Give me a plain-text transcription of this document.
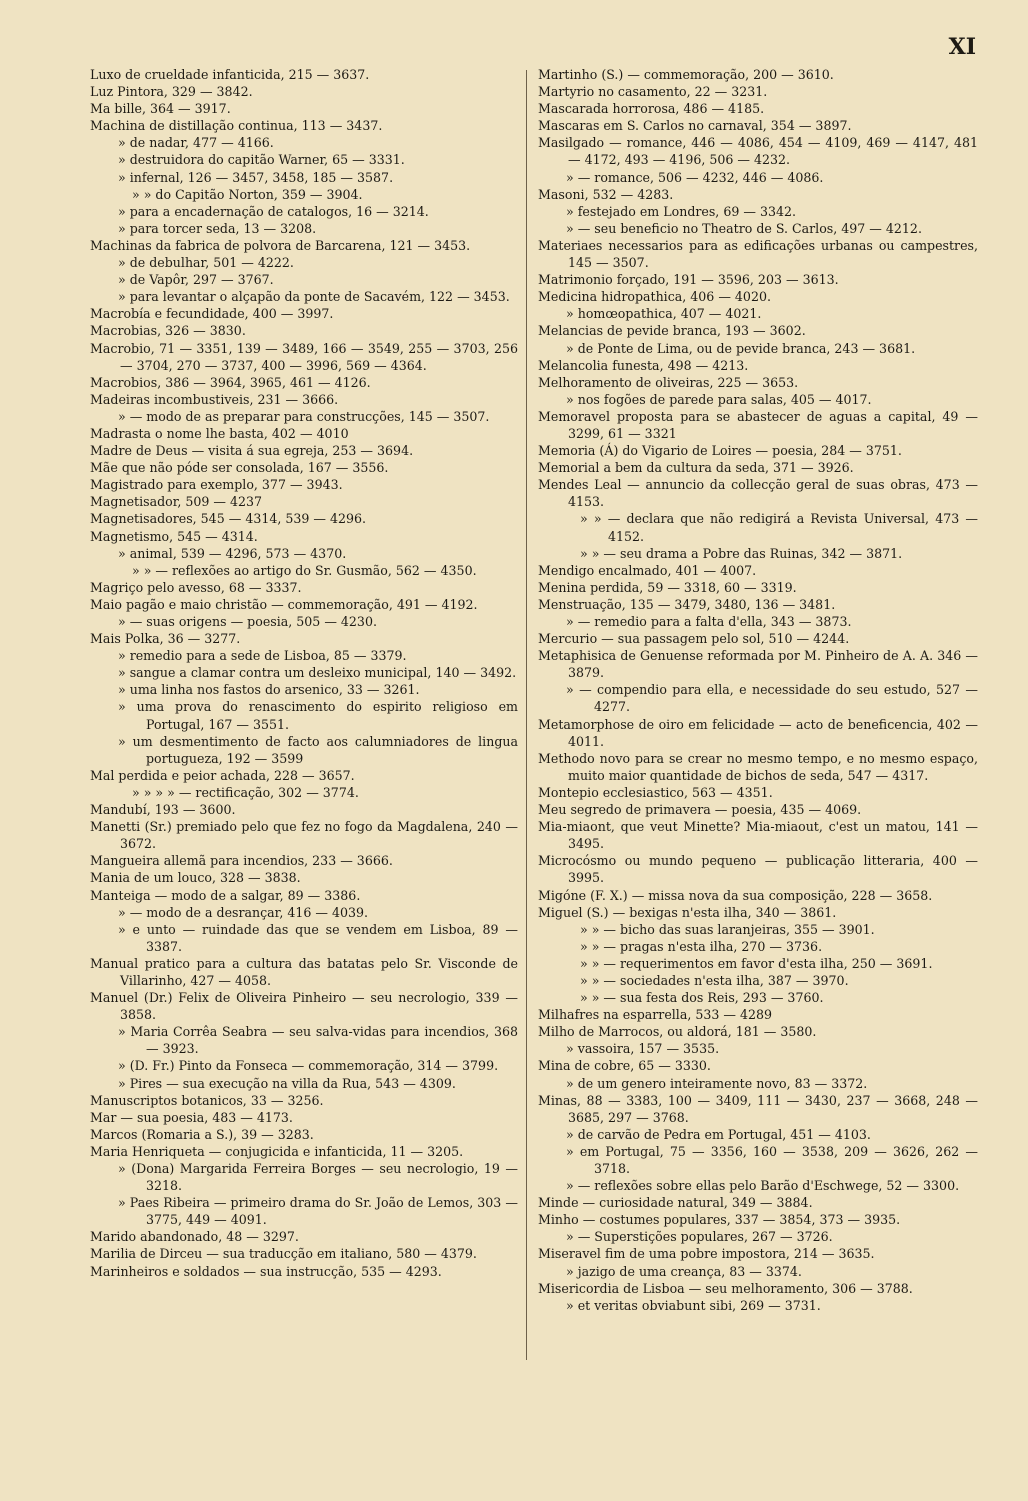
XI
Luxo de crueldade infanticida, 215 — 3637.
Luz Pintora, 329 — 3842.
Ma bille, 364 — 3917.
Machina de distillação continua, 113 — 3437.
» de nadar, 477 — 4166.
» destruidora do capitão Warner, 65 — 3331.
» infernal, 126 — 3457, 3458, 185 — 3587.
» » do Capitão Norton, 359 — 3904.
» para a encadernação de catalogos, 16 — 3214.
» para torcer seda, 13 — 3208.
Machinas da fabrica de polvora de Barcarena, 121 — 3453.
» de debulhar, 501 — 4222.
» de Vapôr, 297 — 3767.
» para levantar o alçapão da ponte de Sacavém, 122 — 3453.
Macrobía e fecundidade, 400 — 3997.
Macrobias, 326 — 3830.
Macrobio, 71 — 3351, 139 — 3489, 166 — 3549, 255 — 3703, 256 — 3704, 270 — 3737, 400 — 3996, 569 — 4364.
Macrobios, 386 — 3964, 3965, 461 — 4126.
Madeiras incombustiveis, 231 — 3666.
» — modo de as preparar para construcções, 145 — 3507.
Madrasta o nome lhe basta, 402 — 4010
Madre de Deus — visita á sua egreja, 253 — 3694.
Mãe que não póde ser consolada, 167 — 3556.
Magistrado para exemplo, 377 — 3943.
Magnetisador, 509 — 4237
Magnetisadores, 545 — 4314, 539 — 4296.
Magnetismo, 545 — 4314.
» animal, 539 — 4296, 573 — 4370.
» » — reflexões ao artigo do Sr. Gusmão, 562 — 4350.
Magriço pelo avesso, 68 — 3337.
Maio pagão e maio christão — commemoração, 491 — 4192.
» — suas origens — poesia, 505 — 4230.
Mais Polka, 36 — 3277.
» remedio para a sede de Lisboa, 85 — 3379.
» sangue a clamar contra um desleixo municipal, 140 — 3492.
» uma linha nos fastos do arsenico, 33 — 3261.
» uma prova do renascimento do espirito religioso em Portugal, 167 — 3551.
» um desmentimento de facto aos calumniadores de lingua portugueza, 192 — 3599
Mal perdida e peior achada, 228 — 3657.
» » » » — rectificação, 302 — 3774.
Mandubí, 193 — 3600.
Manetti (Sr.) premiado pelo que fez no fogo da Magdalena, 240 — 3672.
Mangueira allemã para incendios, 233 — 3666.
Mania de um louco, 328 — 3838.
Manteiga — modo de a salgar, 89 — 3386.
» — modo de a desrançar, 416 — 4039.
» e unto — ruindade das que se vendem em Lisboa, 89 — 3387.
Manual pratico para a cultura das batatas pelo Sr. Visconde de Villarinho, 427 — 4058.
Manuel (Dr.) Felix de Oliveira Pinheiro — seu necrologio, 339 — 3858.
» Maria Corrêa Seabra — seu salva-vidas para incendios, 368 — 3923.
» (D. Fr.) Pinto da Fonseca — commemoração, 314 — 3799.
» Pires — sua execução na villa da Rua, 543 — 4309.
Manuscriptos botanicos, 33 — 3256.
Mar — sua poesia, 483 — 4173.
Marcos (Romaria a S.), 39 — 3283.
Maria Henriqueta — conjugicida e infanticida, 11 — 3205.
» (Dona) Margarida Ferreira Borges — seu necrologio, 19 — 3218.
» Paes Ribeira — primeiro drama do Sr. João de Lemos, 303 — 3775, 449 — 4091.
Marido abandonado, 48 — 3297.
Marilia de Dirceu — sua traducção em italiano, 580 — 4379.
Marinheiros e soldados — sua instrucção, 535 — 4293.
Martinho (S.) — commemoração, 200 — 3610.
Martyrio no casamento, 22 — 3231.
Mascarada horrorosa, 486 — 4185.
Mascaras em S. Carlos no carnaval, 354 — 3897.
Masilgado — romance, 446 — 4086, 454 — 4109, 469 — 4147, 481 — 4172, 493 — 4196, 506 — 4232.
» — romance, 506 — 4232, 446 — 4086.
Masoni, 532 — 4283.
» festejado em Londres, 69 — 3342.
» — seu beneficio no Theatro de S. Carlos, 497 — 4212.
Materiaes necessarios para as edificações urbanas ou campestres, 145 — 3507.
Matrimonio forçado, 191 — 3596, 203 — 3613.
Medicina hidropathica, 406 — 4020.
» homœopathica, 407 — 4021.
Melancias de pevide branca, 193 — 3602.
» de Ponte de Lima, ou de pevide branca, 243 — 3681.
Melancolia funesta, 498 — 4213.
Melhoramento de oliveiras, 225 — 3653.
» nos fogões de parede para salas, 405 — 4017.
Memoravel proposta para se abastecer de aguas a capital, 49 — 3299, 61 — 3321
Memoria (Á) do Vigario de Loires — poesia, 284 — 3751.
Memorial a bem da cultura da seda, 371 — 3926.
Mendes Leal — annuncio da collecção geral de suas obras, 473 — 4153.
» » — declara que não redigirá a Revista Universal, 473 — 4152.
» » — seu drama a Pobre das Ruinas, 342 — 3871.
Mendigo encalmado, 401 — 4007.
Menina perdida, 59 — 3318, 60 — 3319.
Menstruação, 135 — 3479, 3480, 136 — 3481.
» — remedio para a falta d'ella, 343 — 3873.
Mercurio — sua passagem pelo sol, 510 — 4244.
Metaphisica de Genuense reformada por M. Pinheiro de A. A. 346 — 3879.
» — compendio para ella, e necessidade do seu estudo, 527 — 4277.
Metamorphose de oiro em felicidade — acto de beneficencia, 402 — 4011.
Methodo novo para se crear no mesmo tempo, e no mesmo espaço, muito maior quantidade de bichos de seda, 547 — 4317.
Montepio ecclesiastico, 563 — 4351.
Meu segredo de primavera — poesia, 435 — 4069.
Mia-miaont, que veut Minette? Mia-miaout, c'est un matou, 141 — 3495.
Microcósmo ou mundo pequeno — publicação litteraria, 400 — 3995.
Migóne (F. X.) — missa nova da sua composição, 228 — 3658.
Miguel (S.) — bexigas n'esta ilha, 340 — 3861.
» » — bicho das suas laranjeiras, 355 — 3901.
» » — pragas n'esta ilha, 270 — 3736.
» » — requerimentos em favor d'esta ilha, 250 — 3691.
» » — sociedades n'esta ilha, 387 — 3970.
» » — sua festa dos Reis, 293 — 3760.
Milhafres na esparrella, 533 — 4289
Milho de Marrocos, ou aldorá, 181 — 3580.
» vassoira, 157 — 3535.
Mina de cobre, 65 — 3330.
» de um genero inteiramente novo, 83 — 3372.
Minas, 88 — 3383, 100 — 3409, 111 — 3430, 237 — 3668, 248 — 3685, 297 — 3768.
» de carvão de Pedra em Portugal, 451 — 4103.
» em Portugal, 75 — 3356, 160 — 3538, 209 — 3626, 262 — 3718.
» — reflexões sobre ellas pelo Barão d'Eschwege, 52 — 3300.
Minde — curiosidade natural, 349 — 3884.
Minho — costumes populares, 337 — 3854, 373 — 3935.
» — Superstições populares, 267 — 3726.
Miseravel fim de uma pobre impostora, 214 — 3635.
» jazigo de uma creança, 83 — 3374.
Misericordia de Lisboa — seu melhoramento, 306 — 3788.
» et veritas obviabunt sibi, 269 — 3731.
